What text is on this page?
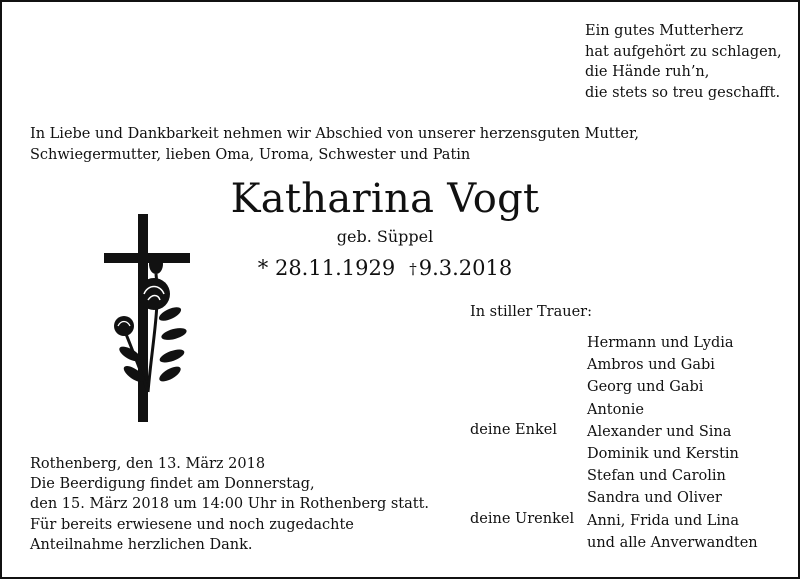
Ein gutes Mutterherz
hat aufgehört zu schlagen,
die Hände ruh’n,
die stets so treu geschafft.
In Liebe und Dankbarkeit nehmen wir Abschied von unserer herzensguten Mutter,
Schwiegermutter, lieben Oma, Uroma, Schwester und Patin
Katharina Vogt
geb. Süppel
* 28.11.1929 †9.3.2018
In stiller Trauer:
deine Enkel
deine Urenkel
Hermann und Lydia
Ambros und Gabi
Georg und Gabi
Antonie
Alexander und Sina
Dominik und Kerstin
Stefan und Carolin
Sandra und Oliver
Anni, Frida und Lina
und alle Anverwandten
Rothenberg, den 13. März 2018
Die Beerdigung findet am Donnerstag,
den 15. März 2018 um 14:00 Uhr in Rothenberg statt.
Für bereits erwiesene und noch zugedachte
Anteilnahme herzlichen Dank.
